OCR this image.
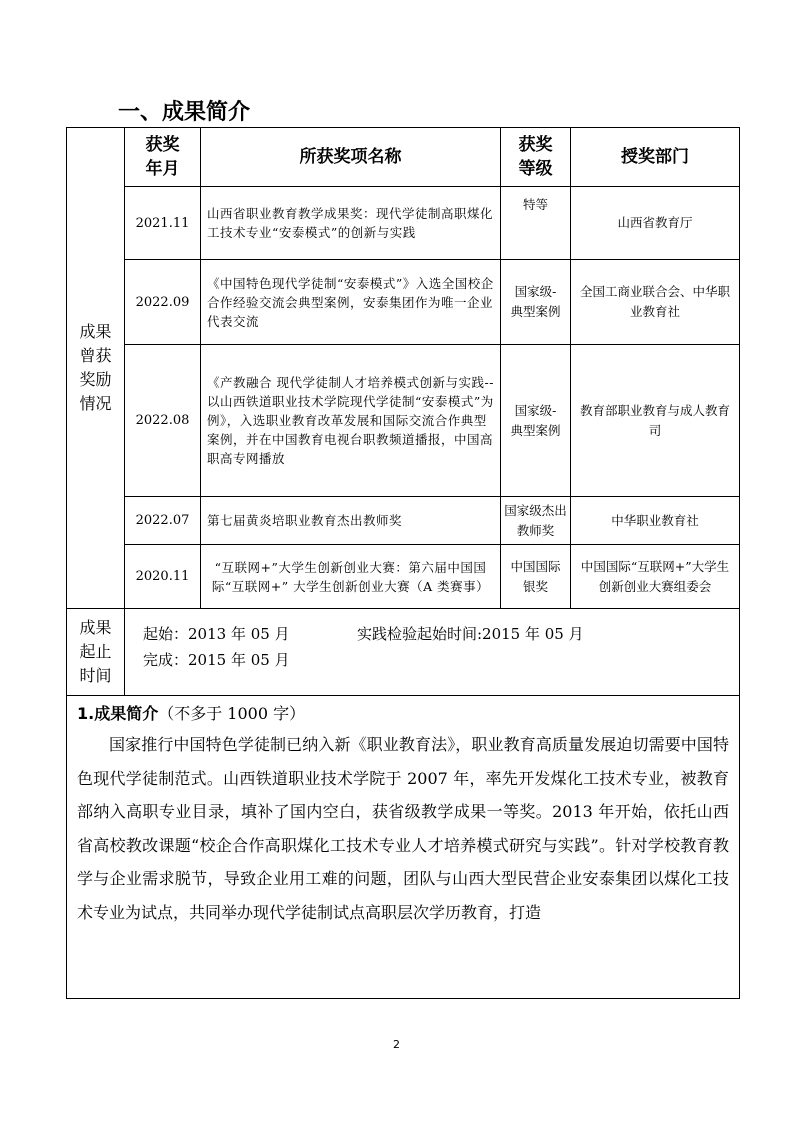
一、成果简介
成果曾获奖励情况	获奖年月	所获奖项名称	获奖等级	授奖部门
	2021.11	山西省职业教育教学成果奖：现代学徒制高职煤化工技术专业“安泰模式”的创新与实践	特等	山西省教育厅
	2022.09	《中国特色现代学徒制“安泰模式”》入选全国校企合作经验交流会典型案例，安泰集团作为唯一企业代表交流	国家级-典型案例	全国工商业联合会、中华职业教育社
	2022.08	《产教融合 现代学徒制人才培养模式创新与实践--以山西铁道职业技术学院现代学徒制“安泰模式”为例》，入选职业教育改革发展和国际交流合作典型案例，并在中国教育电视台职教频道播报，中国高职高专网播放	国家级-典型案例	教育部职业教育与成人教育司
	2022.07	第七届黄炎培职业教育杰出教师奖	国家级杰出教师奖	中华职业教育社
	2020.11	“互联网+”大学生创新创业大赛：第六届中国国际“互联网+” 大学生创新创业大赛（A 类赛事）	中国国际银奖	中国国际“互联网+”大学生创新创业大赛组委会

成果起止时间	起始：2013 年 05 月 实践检验起始时间:2015 年 05 月
完成：2015 年 05 月			

1.成果简介（不多于 1000 字）

国家推行中国特色学徒制已纳入新《职业教育法》，职业教育高质量发展迫切需要中国特色现代学徒制范式。山西铁道职业技术学院于 2007 年，率先开发煤化工技术专业，被教育部纳入高职专业目录，填补了国内空白，获省级教学成果一等奖。2013 年开始，依托山西省高校教改课题“校企合作高职煤化工技术专业人才培养模式研究与实践”。针对学校教育教学与企业需求脱节，导致企业用工难的问题，团队与山西大型民营企业安泰集团以煤化工技术专业为试点，共同举办现代学徒制试点高职层次学历教育，打造				

2
